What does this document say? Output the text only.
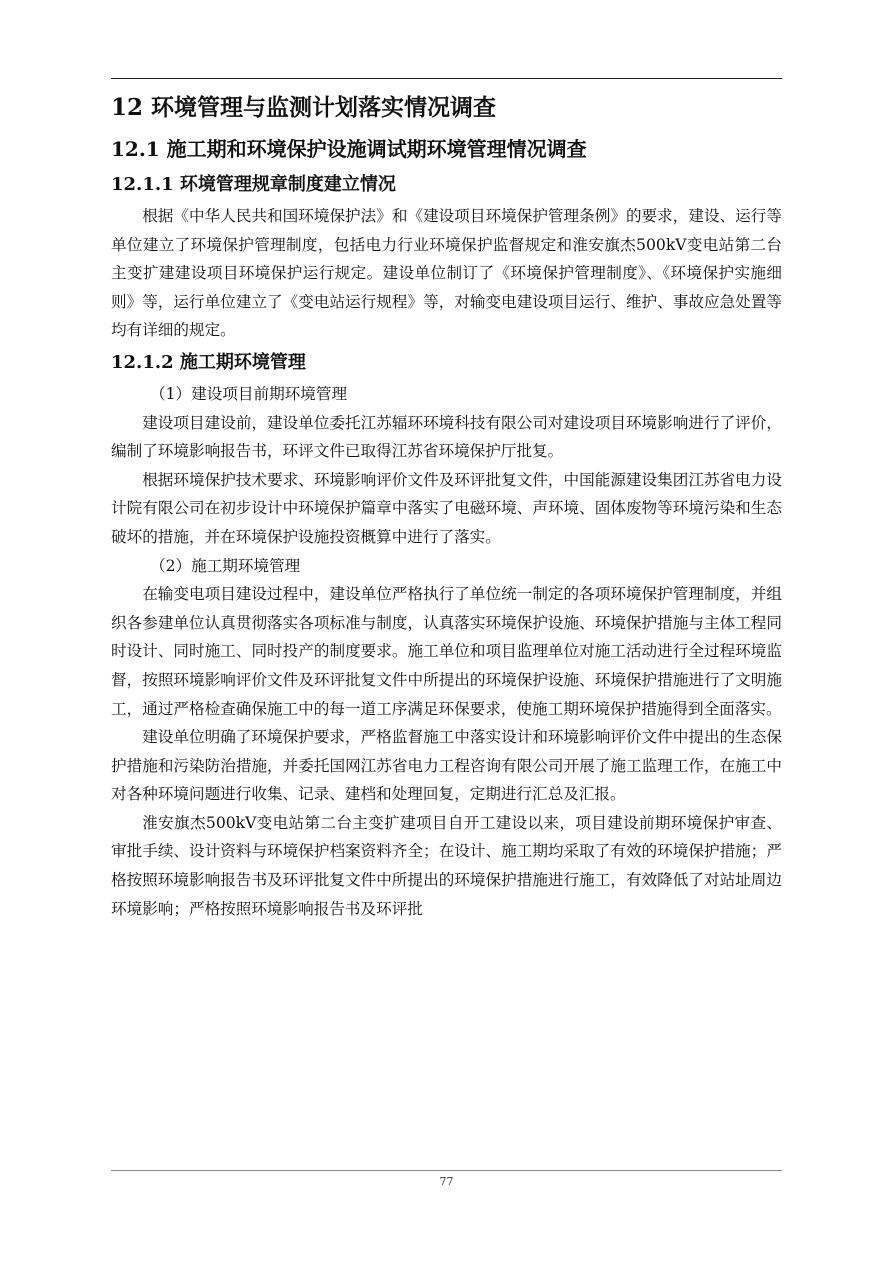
12 环境管理与监测计划落实情况调查
12.1 施工期和环境保护设施调试期环境管理情况调查
12.1.1 环境管理规章制度建立情况

根据《中华人民共和国环境保护法》和《建设项目环境保护管理条例》的要求，建设、运行等单位建立了环境保护管理制度，包括电力行业环境保护监督规定和淮安旗杰500kV变电站第二台主变扩建建设项目环境保护运行规定。建设单位制订了《环境保护管理制度》、《环境保护实施细则》等，运行单位建立了《变电站运行规程》等，对输变电建设项目运行、维护、事故应急处置等均有详细的规定。

12.1.2 施工期环境管理

（1）建设项目前期环境管理

建设项目建设前，建设单位委托江苏辐环环境科技有限公司对建设项目环境影响进行了评价，编制了环境影响报告书，环评文件已取得江苏省环境保护厅批复。

根据环境保护技术要求、环境影响评价文件及环评批复文件，中国能源建设集团江苏省电力设计院有限公司在初步设计中环境保护篇章中落实了电磁环境、声环境、固体废物等环境污染和生态破坏的措施，并在环境保护设施投资概算中进行了落实。

（2）施工期环境管理

在输变电项目建设过程中，建设单位严格执行了单位统一制定的各项环境保护管理制度，并组织各参建单位认真贯彻落实各项标准与制度，认真落实环境保护设施、环境保护措施与主体工程同时设计、同时施工、同时投产的制度要求。施工单位和项目监理单位对施工活动进行全过程环境监督，按照环境影响评价文件及环评批复文件中所提出的环境保护设施、环境保护措施进行了文明施工，通过严格检查确保施工中的每一道工序满足环保要求，使施工期环境保护措施得到全面落实。

建设单位明确了环境保护要求，严格监督施工中落实设计和环境影响评价文件中提出的生态保护措施和污染防治措施，并委托国网江苏省电力工程咨询有限公司开展了施工监理工作，在施工中对各种环境问题进行收集、记录、建档和处理回复，定期进行汇总及汇报。

淮安旗杰500kV变电站第二台主变扩建项目自开工建设以来，项目建设前期环境保护审查、审批手续、设计资料与环境保护档案资料齐全；在设计、施工期均采取了有效的环境保护措施；严格按照环境影响报告书及环评批复文件中所提出的环境保护措施进行施工，有效降低了对站址周边环境影响；严格按照环境影响报告书及环评批

77
